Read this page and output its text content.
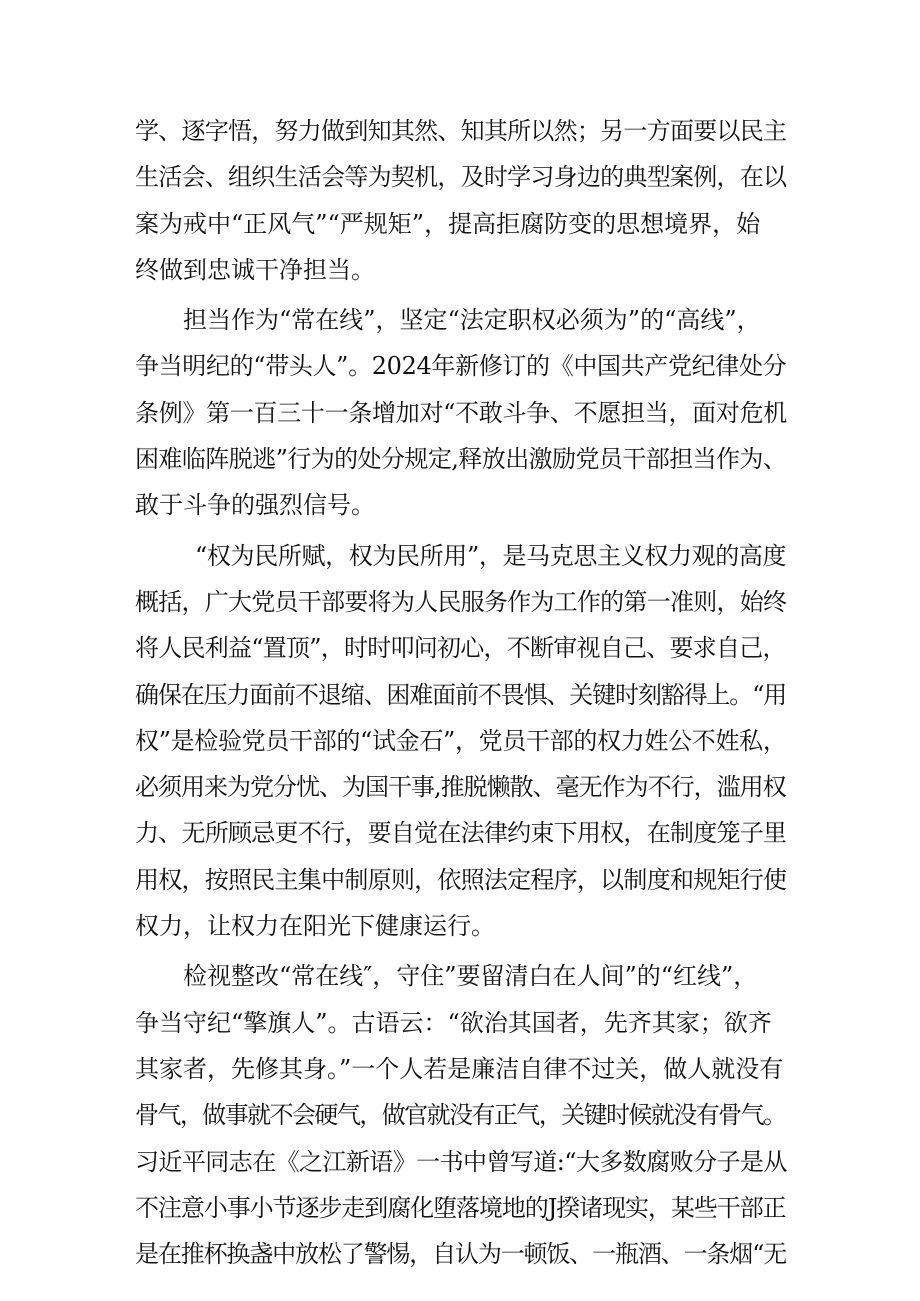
学、逐字悟，努力做到知其然、知其所以然；另一方面要以民主
生活会、组织生活会等为契机，及时学习身边的典型案例，在以
案为戒中“正风气”“严规矩”，提高拒腐防变的思想境界，始
终做到忠诚干净担当。
担当作为“常在线”，坚定“法定职权必须为”的“高线”，
争当明纪的“带头人”。2024年新修订的《中国共产党纪律处分
条例》第一百三十一条增加对“不敢斗争、不愿担当，面对危机
困难临阵脱逃”行为的处分规定,释放出激励党员干部担当作为、
敢于斗争的强烈信号。
“权为民所赋，权为民所用”，是马克思主义权力观的高度
概括，广大党员干部要将为人民服务作为工作的第一准则，始终
将人民利益“置顶”，时时叩问初心，不断审视自己、要求自己，
确保在压力面前不退缩、困难面前不畏惧、关键时刻豁得上。“用
权”是检验党员干部的“试金石”，党员干部的权力姓公不姓私，
必须用来为党分忧、为国干事,推脱懒散、毫无作为不行，滥用权
力、无所顾忌更不行，要自觉在法律约束下用权，在制度笼子里
用权，按照民主集中制原则，依照法定程序，以制度和规矩行使
权力，让权力在阳光下健康运行。
检视整改“常在线″，守住”要留清白在人间”的“红线”，
争当守纪“擎旗人”。古语云：“欲治其国者，先齐其家；欲齐
其家者，先修其身。”一个人若是廉洁自律不过关，做人就没有
骨气，做事就不会硬气，做官就没有正气，关键时候就没有骨气。
习近平同志在《之江新语》一书中曾写道:“大多数腐败分子是从
不注意小事小节逐步走到腐化堕落境地的J揆诸现实，某些干部正
是在推杯换盏中放松了警惕，自认为一顿饭、一瓶酒、一条烟“无
